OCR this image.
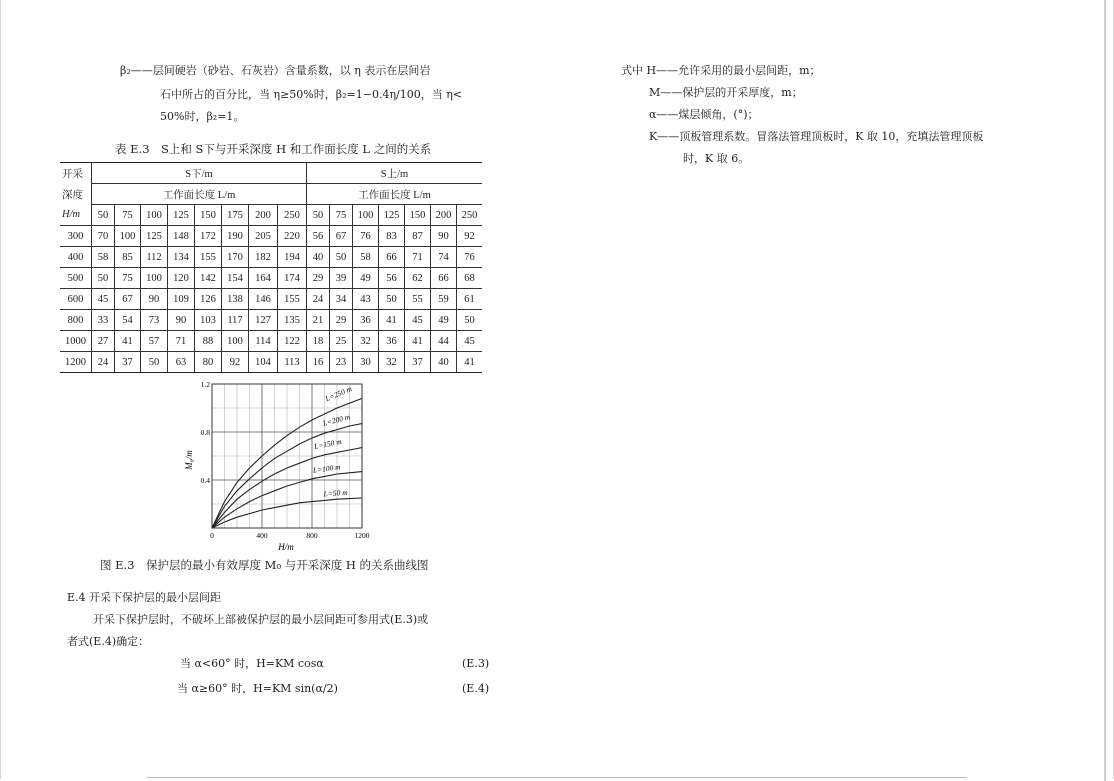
β₂——层间硬岩（砂岩、石灰岩）含量系数，以 η 表示在层间岩
石中所占的百分比，当 η≥50%时，β₂=1−0.4η/100，当 η<
50%时，β₂=1。
表 E.3　S上和 S下与开采深度 H 和工作面长度 L 之间的关系
开采	S下/m								S上/m						
深度	工作面长度 L/m								工作面长度 L/m						
H/m	50	75	100	125	150	175	200	250	50	75	100	125	150	200	250
300	70	100	125	148	172	190	205	220	56	67	76	83	87	90	92
400	58	85	112	134	155	170	182	194	40	50	58	66	71	74	76
500	50	75	100	120	142	154	164	174	29	39	49	56	62	66	68
600	45	67	90	109	126	138	146	155	24	34	43	50	55	59	61
800	33	54	73	90	103	117	127	135	21	29	36	41	45	49	50
1000	27	41	57	71	88	100	114	122	18	25	32	36	41	44	45
1200	24	37	50	63	80	92	104	113	16	23	30	32	37	40	41
L=250 m
L=200 m
L=150 m
L=100 m
L=50 m
0	400	800	1200
0.4
0.8
1.2
H/m
M₀/m
图 E.3　保护层的最小有效厚度 M₀ 与开采深度 H 的关系曲线图
E.4 开采下保护层的最小层间距
开采下保护层时，不破坏上部被保护层的最小层间距可参用式(E.3)或
者式(E.4)确定：
当 α<60° 时，H=KM cosα	(E.3)
当 α≥60° 时，H=KM sin(α/2)	(E.4)
式中 H——允许采用的最小层间距，m；
M——保护层的开采厚度，m；
α——煤层倾角，(°)；
K——顶板管理系数。冒落法管理顶板时，K 取 10，充填法管理顶板
时，K 取 6。
